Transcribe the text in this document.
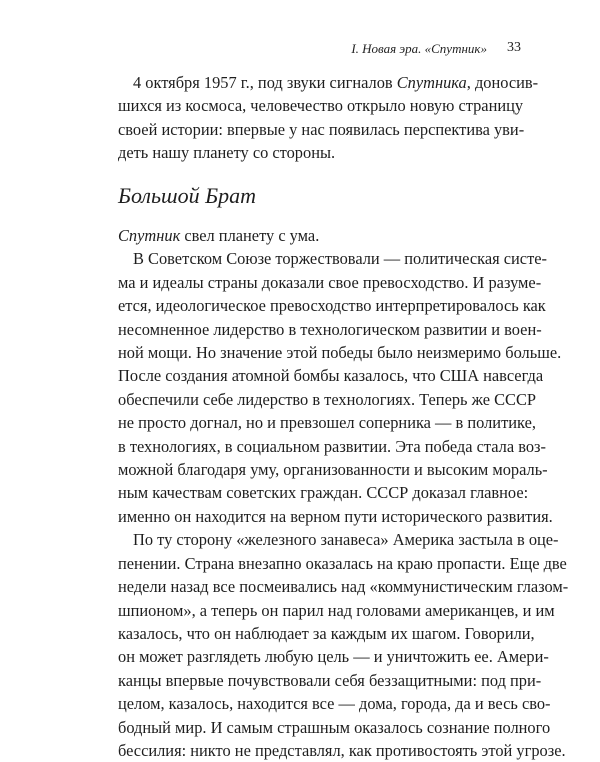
I. Новая эра. «Спутник» 33
4 октября 1957 г., под звуки сигналов Спутника, доносив-
шихся из космоса, человечество открыло новую страницу
своей истории: впервые у нас появилась перспектива уви-
деть нашу планету со стороны.
Большой Брат
Спутник свел планету с ума.
В Советском Союзе торжествовали — политическая систе-
ма и идеалы страны доказали свое превосходство. И разуме-
ется, идеологическое превосходство интерпретировалось как
несомненное лидерство в технологическом развитии и воен-
ной мощи. Но значение этой победы было неизмеримо больше.
После создания атомной бомбы казалось, что США навсегда
обеспечили себе лидерство в технологиях. Теперь же СССР
не просто догнал, но и превзошел соперника — в политике,
в технологиях, в социальном развитии. Эта победа стала воз-
можной благодаря уму, организованности и высоким мораль-
ным качествам советских граждан. СССР доказал главное:
именно он находится на верном пути исторического развития.
По ту сторону «железного занавеса» Америка застыла в оце-
пенении. Страна внезапно оказалась на краю пропасти. Еще две
недели назад все посмеивались над «коммунистическим глазом-
шпионом», а теперь он парил над головами американцев, и им
казалось, что он наблюдает за каждым их шагом. Говорили,
он может разглядеть любую цель — и уничтожить ее. Амери-
канцы впервые почувствовали себя беззащитными: под при-
целом, казалось, находится все — дома, города, да и весь сво-
бодный мир. И самым страшным оказалось сознание полного
бессилия: никто не представлял, как противостоять этой угрозе.
